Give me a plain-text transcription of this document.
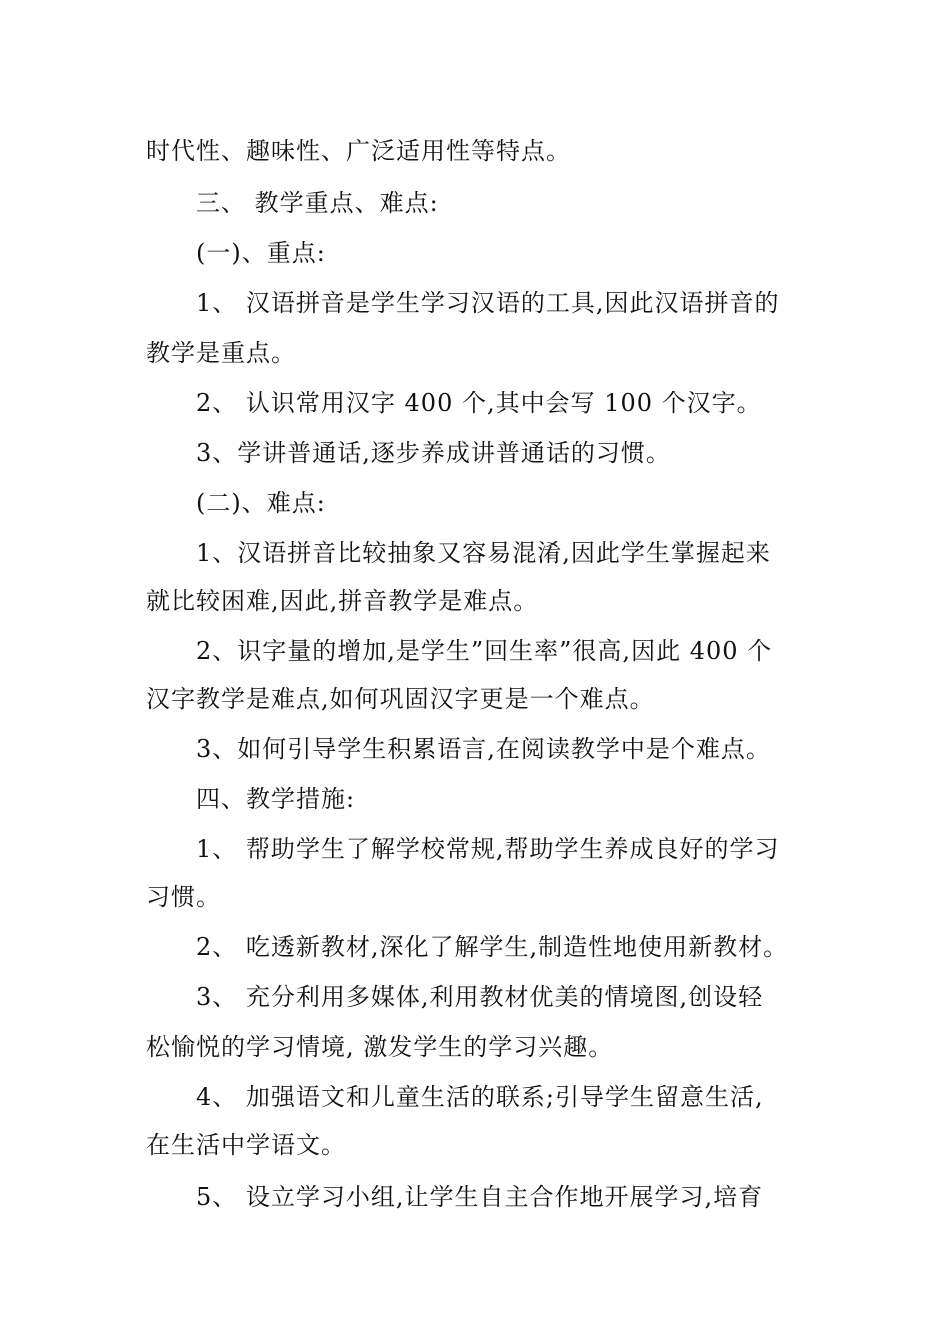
时代性、趣味性、广泛适用性等特点。
三、 教学重点、难点:
(一)、重点:
1、 汉语拼音是学生学习汉语的工具,因此汉语拼音的
教学是重点。
2、 认识常用汉字 400 个,其中会写 100 个汉字。
3、学讲普通话,逐步养成讲普通话的习惯。
(二)、难点:
1、汉语拼音比较抽象又容易混淆,因此学生掌握起来
就比较困难,因此,拼音教学是难点。
2、识字量的增加,是学生”回生率”很高,因此 400 个
汉字教学是难点,如何巩固汉字更是一个难点。
3、如何引导学生积累语言,在阅读教学中是个难点。
四、教学措施:
1、 帮助学生了解学校常规,帮助学生养成良好的学习
习惯。
2、 吃透新教材,深化了解学生,制造性地使用新教材。
3、 充分利用多媒体,利用教材优美的情境图,创设轻
松愉悦的学习情境, 激发学生的学习兴趣。
4、 加强语文和儿童生活的联系;引导学生留意生活,
在生活中学语文。
5、 设立学习小组,让学生自主合作地开展学习,培育
